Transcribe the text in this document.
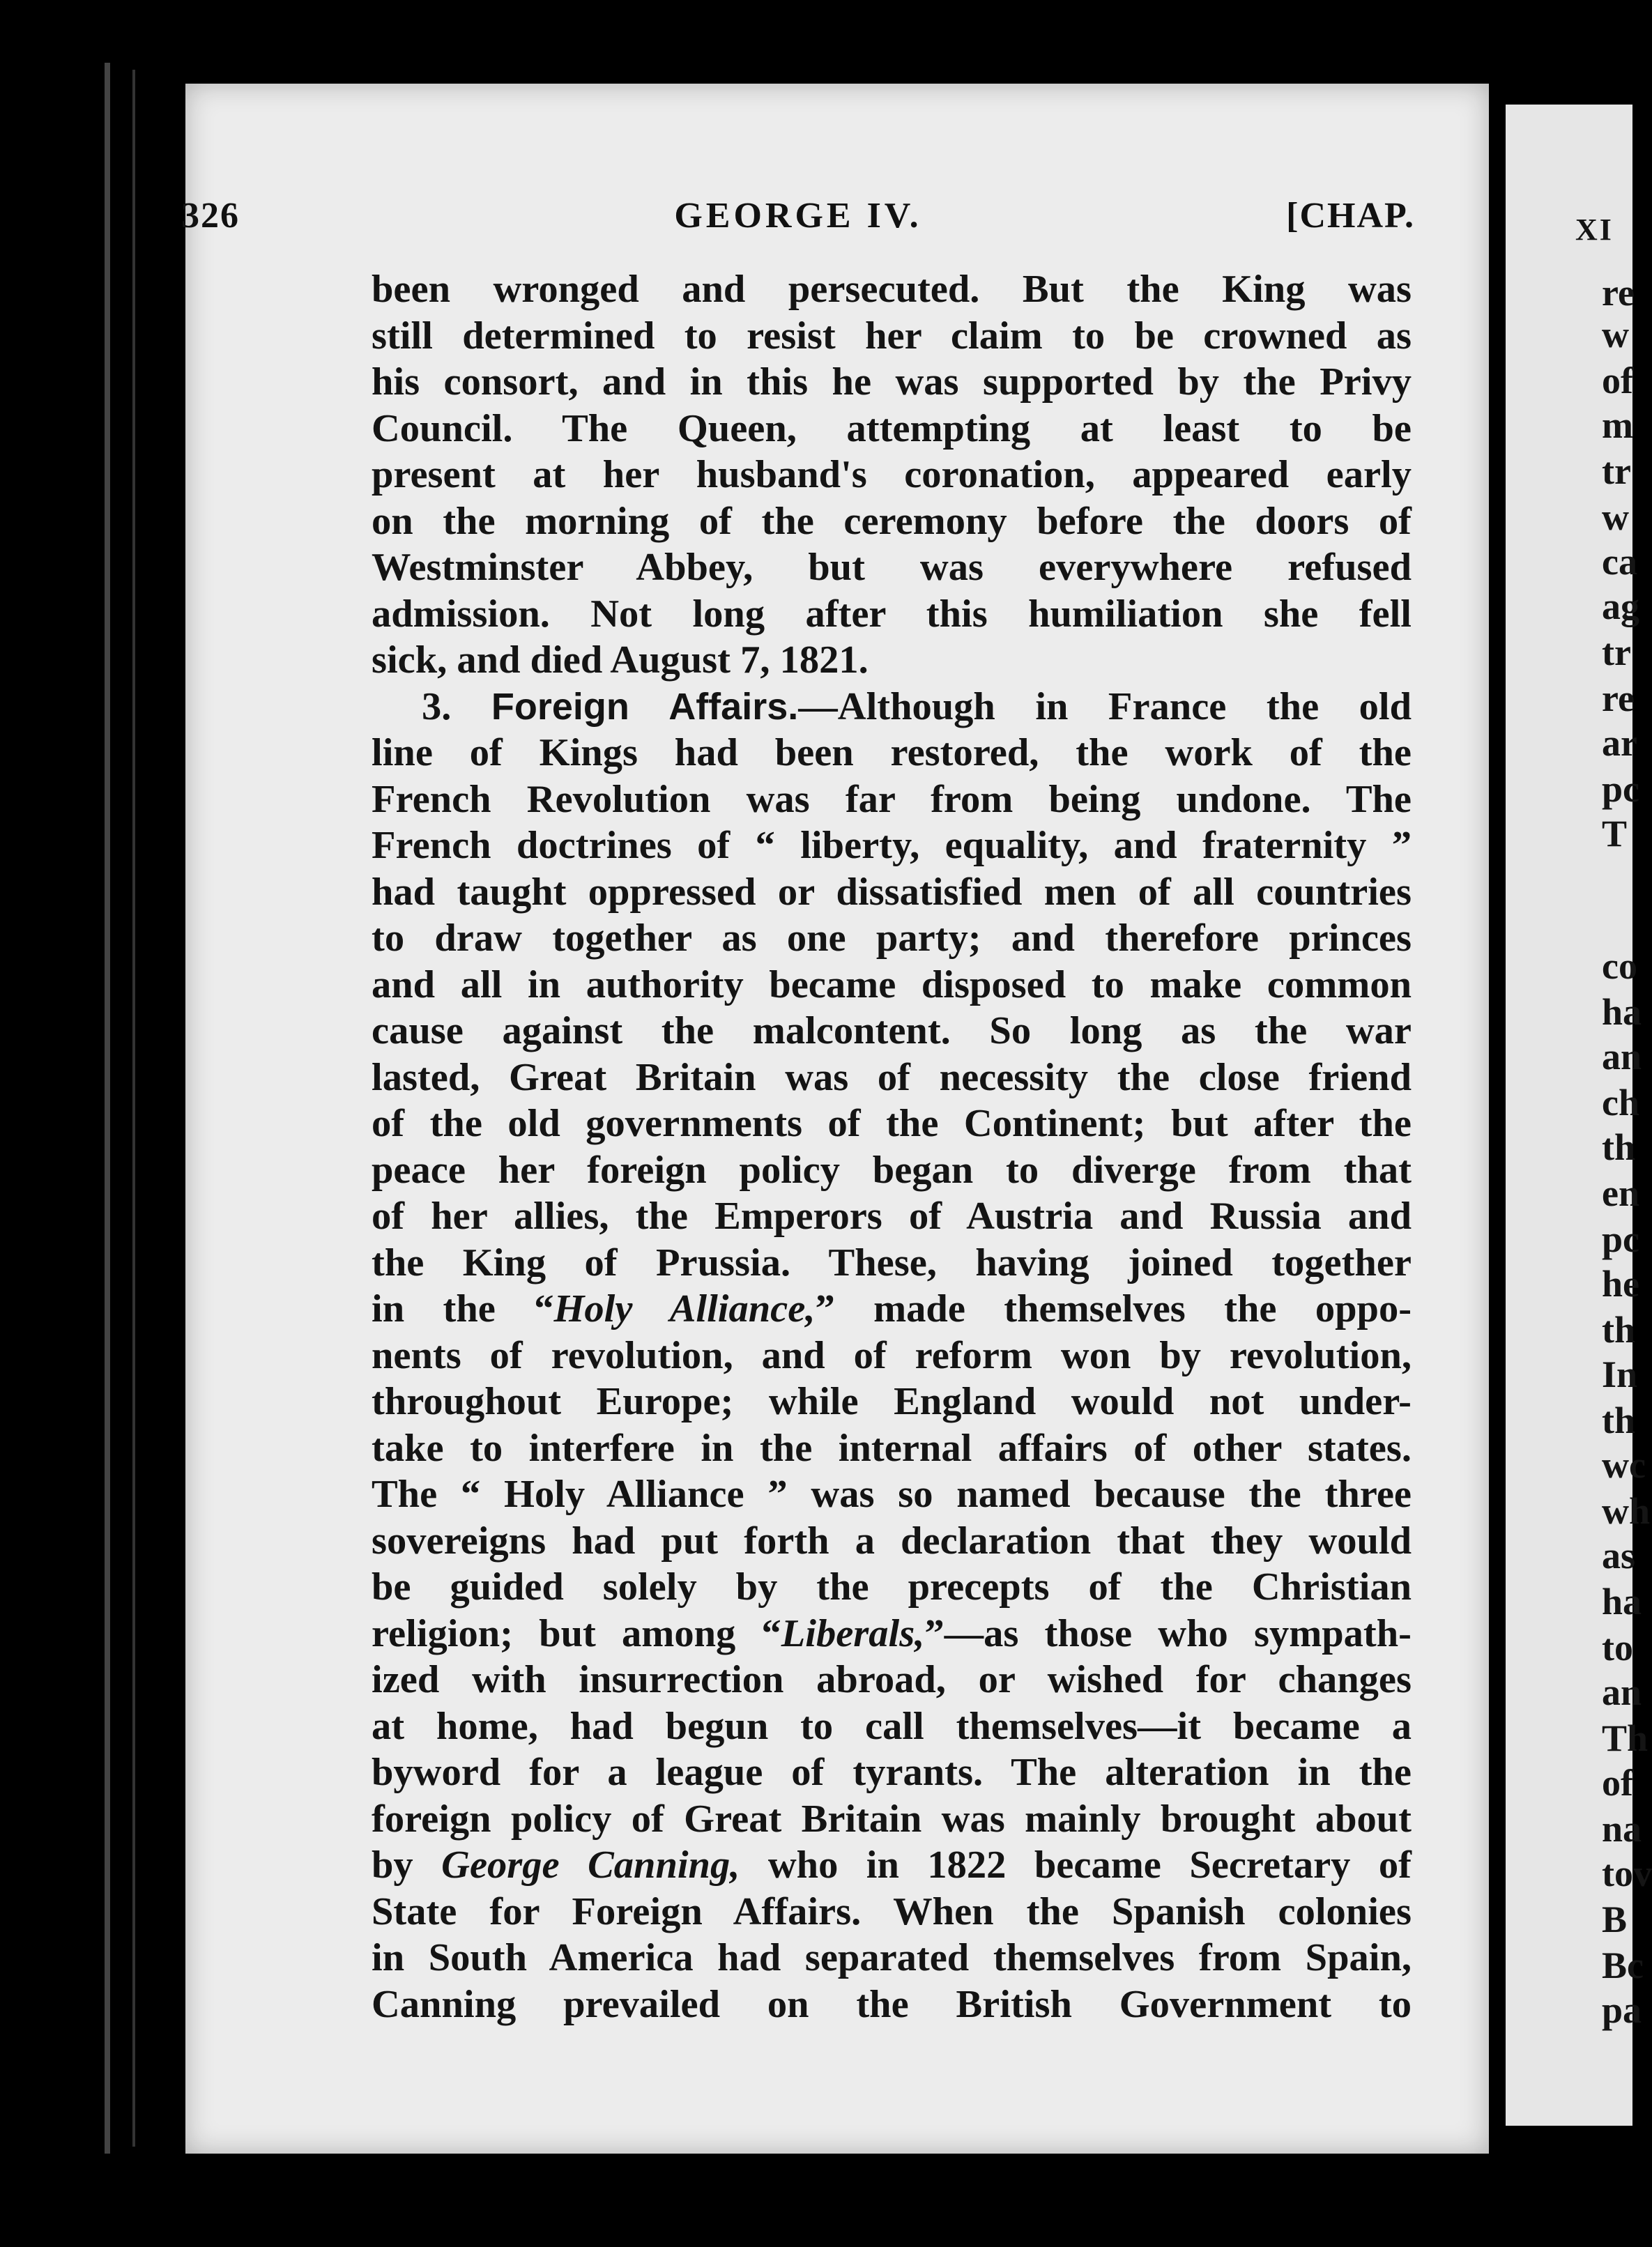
326	GEORGE IV.	[CHAP.
been wronged and persecuted. But the King was
still determined to resist her claim to be crowned as
his consort, and in this he was supported by the Privy
Council. The Queen, attempting at least to be
present at her husband's coronation, appeared early
on the morning of the ceremony before the doors of
Westminster Abbey, but was everywhere refused
admission. Not long after this humiliation she fell
sick, and died August 7, 1821.
3. Foreign Affairs.—Although in France the old
line of Kings had been restored, the work of the
French Revolution was far from being undone. The
French doctrines of “ liberty, equality, and fraternity ”
had taught oppressed or dissatisfied men of all countries
to draw together as one party; and therefore princes
and all in authority became disposed to make common
cause against the malcontent. So long as the war
lasted, Great Britain was of necessity the close friend
of the old governments of the Continent; but after the
peace her foreign policy began to diverge from that
of her allies, the Emperors of Austria and Russia and
the King of Prussia. These, having joined together
in the “Holy Alliance,” made themselves the oppo-
nents of revolution, and of reform won by revolution,
throughout Europe; while England would not under-
take to interfere in the internal affairs of other states.
The “ Holy Alliance ” was so named because the three
sovereigns had put forth a declaration that they would
be guided solely by the precepts of the Christian
religion; but among “Liberals,”—as those who sympath-
ized with insurrection abroad, or wished for changes
at home, had begun to call themselves—it became a
byword for a league of tyrants. The alteration in the
foreign policy of Great Britain was mainly brought about
by George Canning, who in 1822 became Secretary of
State for Foreign Affairs. When the Spanish colonies
in South America had separated themselves from Spain,
Canning prevailed on the British Government to
XI
re
w
of
m
tr
w
ca
ag
tr
re
ar
pc
T
co
ha
an
ch
th
en
pc
he
th
In
th
wc
wh
as
ha
to
an
Th
of
na
tov
B
Bc
pa
